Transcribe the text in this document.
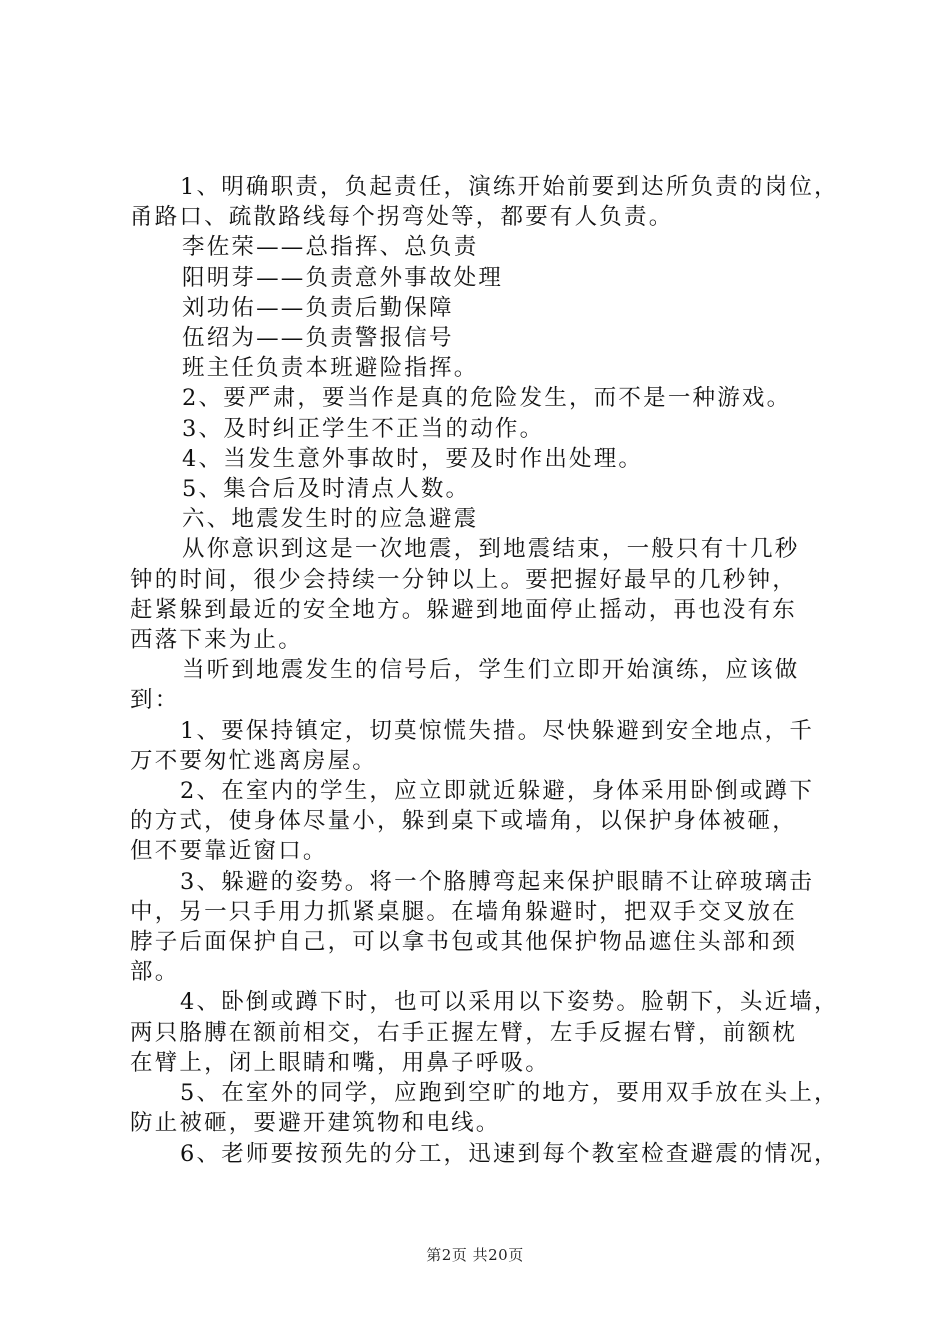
1、明确职责，负起责任，演练开始前要到达所负责的岗位，
甬路口、疏散路线每个拐弯处等，都要有人负责。
李佐荣——总指挥、总负责
阳明芽——负责意外事故处理
刘功佑——负责后勤保障
伍绍为——负责警报信号
班主任负责本班避险指挥。
2、要严肃，要当作是真的危险发生，而不是一种游戏。
3、及时纠正学生不正当的动作。
4、当发生意外事故时，要及时作出处理。
5、集合后及时清点人数。
六、地震发生时的应急避震
从你意识到这是一次地震，到地震结束，一般只有十几秒
钟的时间，很少会持续一分钟以上。要把握好最早的几秒钟，
赶紧躲到最近的安全地方。躲避到地面停止摇动，再也没有东
西落下来为止。
当听到地震发生的信号后，学生们立即开始演练，应该做
到：
1、要保持镇定，切莫惊慌失措。尽快躲避到安全地点，千
万不要匆忙逃离房屋。
2、在室内的学生，应立即就近躲避，身体采用卧倒或蹲下
的方式，使身体尽量小，躲到桌下或墙角，以保护身体被砸，
但不要靠近窗口。
3、躲避的姿势。将一个胳膊弯起来保护眼睛不让碎玻璃击
中，另一只手用力抓紧桌腿。在墙角躲避时，把双手交叉放在
脖子后面保护自己，可以拿书包或其他保护物品遮住头部和颈
部。
4、卧倒或蹲下时，也可以采用以下姿势。脸朝下，头近墙，
两只胳膊在额前相交，右手正握左臂，左手反握右臂，前额枕
在臂上，闭上眼睛和嘴，用鼻子呼吸。
5、在室外的同学，应跑到空旷的地方，要用双手放在头上，
防止被砸，要避开建筑物和电线。
6、老师要按预先的分工，迅速到每个教室检查避震的情况，
第2页 共20页
